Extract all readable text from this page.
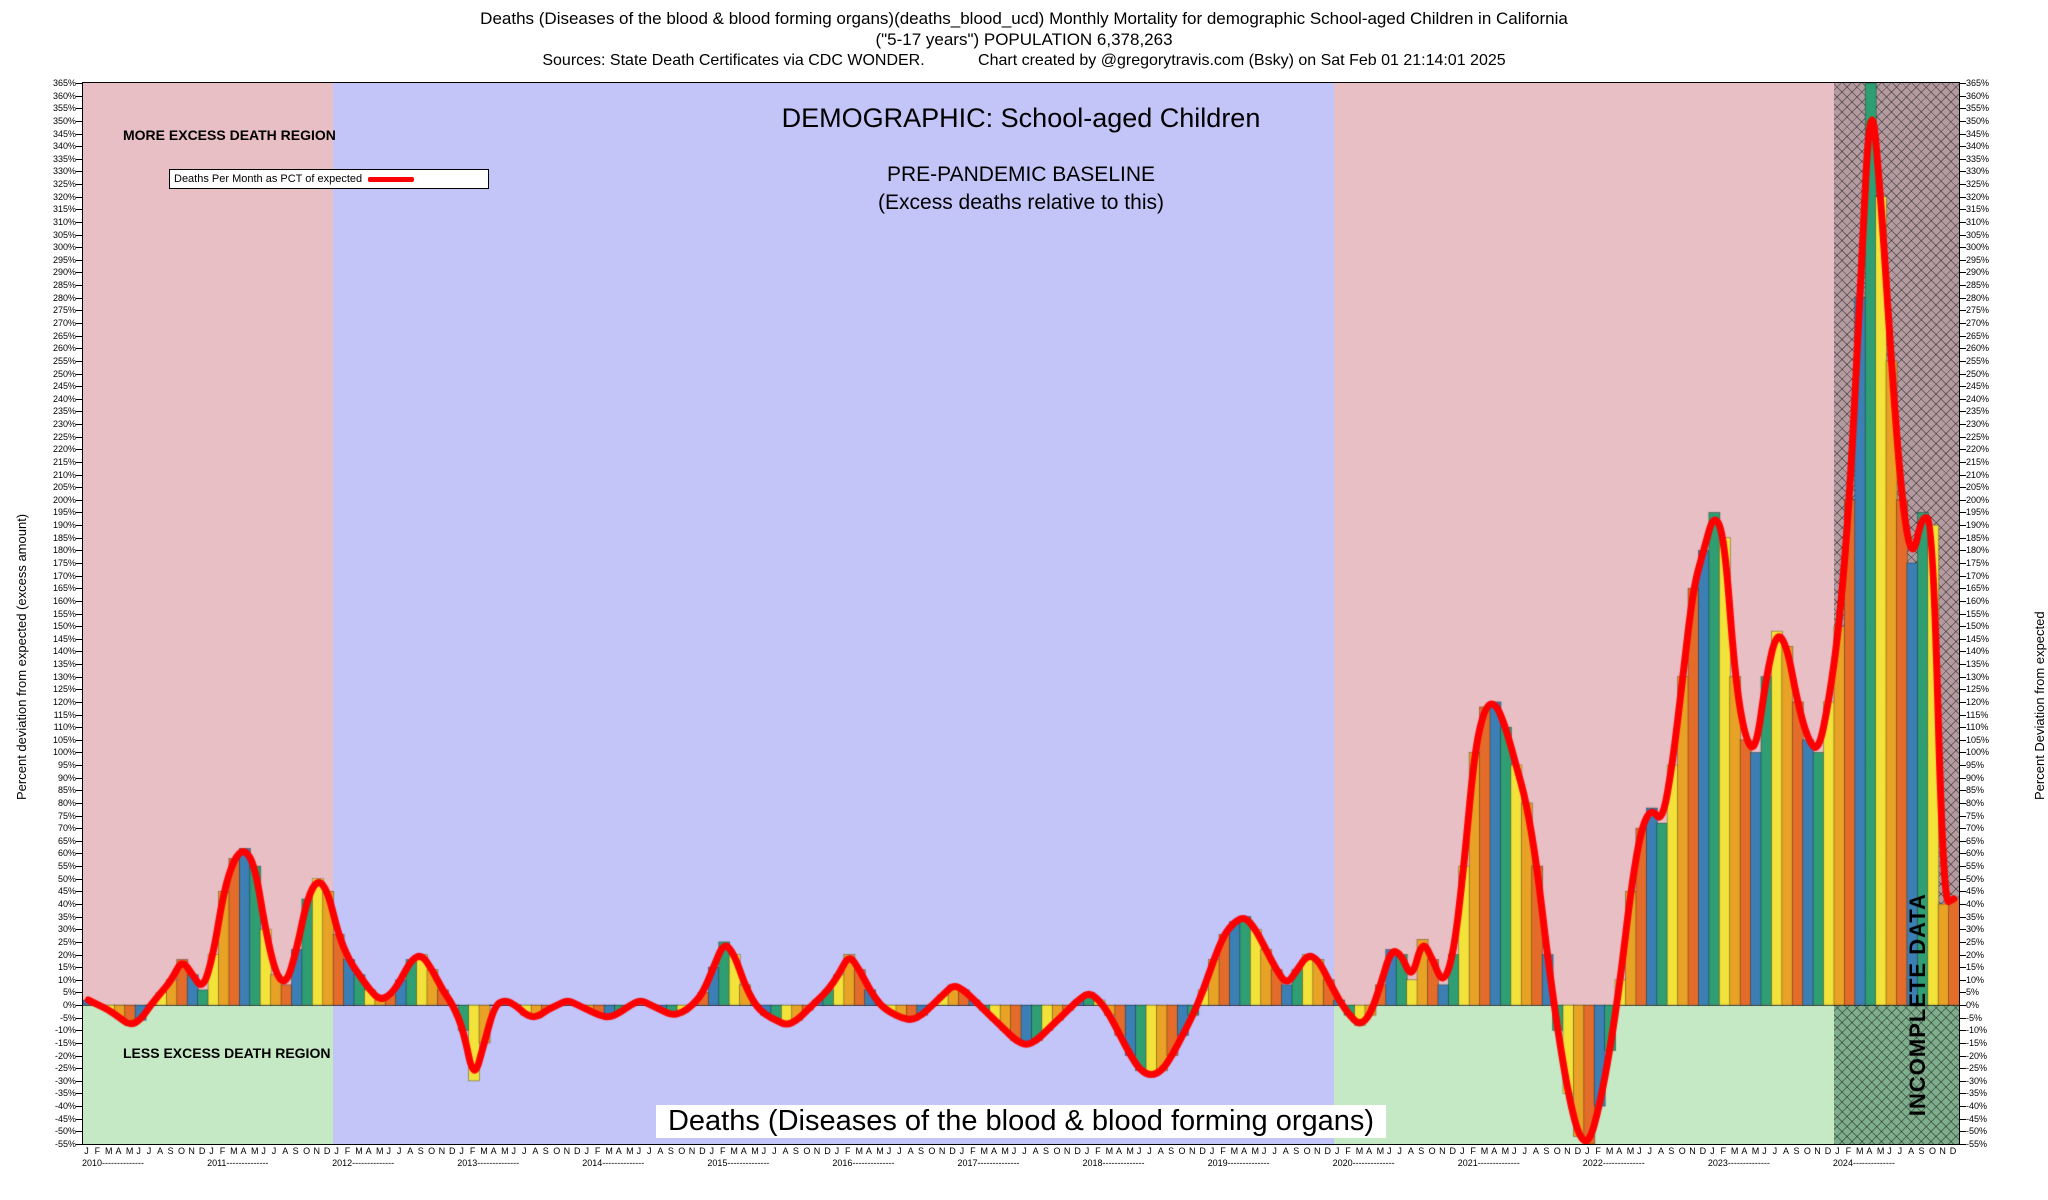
Deaths (Diseases of the blood & blood forming organs)(deaths_blood_ucd) Monthly Mortality for demographic School-aged Children in California
("5-17 years") POPULATION 6,378,263
Sources: State Death Certificates via CDC WONDER.            Chart created by @gregorytravis.com (Bsky) on Sat Feb 01 21:14:01 2025
Percent deviation from expected (excess amount)	Percent Deviation from expected
365%
360%
355%
350%
345%
340%
335%
330%
325%
320%
315%
310%
305%
300%
295%
290%
285%
280%
275%
270%
265%
260%
255%
250%
245%
240%
235%
230%
225%
220%
215%
210%
205%
200%
195%
190%
185%
180%
175%
170%
165%
160%
155%
150%
145%
140%
135%
130%
125%
120%
115%
110%
105%
100%
95%
90%
85%
80%
75%
70%
65%
60%
55%
50%
45%
40%
35%
30%
25%
20%
15%
10%
5%
0%
-5%
-10%
-15%
-20%
-25%
-30%
-35%
-40%
-45%
-50%
-55%
365%
360%
355%
350%
345%
340%
335%
330%
325%
320%
315%
310%
305%
300%
295%
290%
285%
280%
275%
270%
265%
260%
255%
250%
245%
240%
235%
230%
225%
220%
215%
210%
205%
200%
195%
190%
185%
180%
175%
170%
165%
160%
155%
150%
145%
140%
135%
130%
125%
120%
115%
110%
105%
100%
95%
90%
85%
80%
75%
70%
65%
60%
55%
50%
45%
40%
35%
30%
25%
20%
15%
10%
5%
0%
-5%
-10%
-15%
-20%
-25%
-30%
-35%
-40%
-45%
-50%
-55%
Deaths Per Month as PCT of expected
DEMOGRAPHIC: School-aged Children
PRE-PANDEMIC BASELINE
(Excess deaths relative to this)
MORE EXCESS DEATH REGION
LESS EXCESS DEATH REGION
Deaths (Diseases of the blood & blood forming organs)
INCOMPLETE DATA
J F M A M J J A S O N D
2010--------------
J F M A M J J A S O N D
2011--------------
J F M A M J J A S O N D
2012--------------
J F M A M J J A S O N D
2013--------------
J F M A M J J A S O N D
2014--------------
J F M A M J J A S O N D
2015--------------
J F M A M J J A S O N D
2016--------------
J F M A M J J A S O N D
2017--------------
J F M A M J J A S O N D
2018--------------
J F M A M J J A S O N D
2019--------------
J F M A M J J A S O N D
2020--------------
J F M A M J J A S O N D
2021--------------
J F M A M J J A S O N D
2022--------------
J F M A M J J A S O N D
2023--------------
J F M A M J J A S O N D
2024--------------
